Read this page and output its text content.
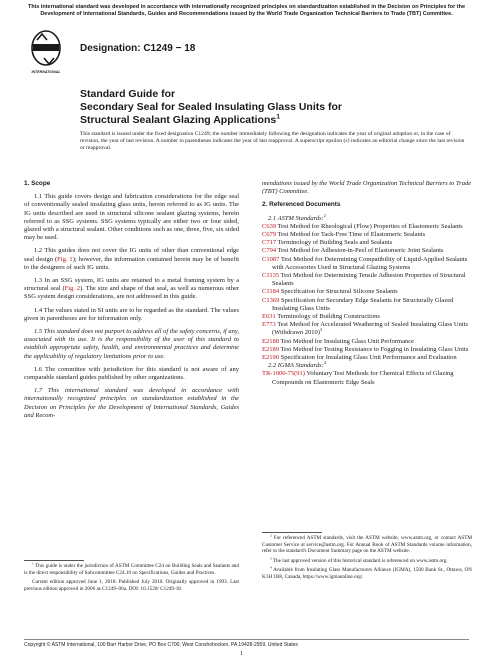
This international standard was developed in accordance with internationally recognized principles on standardization established in the Decision on Principles for the Development of International Standards, Guides and Recommendations issued by the World Trade Organization Technical Barriers to Trade (TBT) Committee.
INTERNATIONAL
Designation: C1249 − 18
Standard Guide for
Secondary Seal for Sealed Insulating Glass Units for
Structural Sealant Glazing Applications$^1$
This standard is issued under the fixed designation C1249; the number immediately following the designation indicates the year of original adoption or, in the case of revision, the year of last revision. A number in parentheses indicates the year of last reapproval. A superscript epsilon (ε) indicates an editorial change since the last revision or reapproval.
1. Scope

1.1 This guide covers design and fabrication considerations for the edge seal of conventionally sealed insulating glass units, herein referred to as IG units. The IG units described are used in structural silicone sealant glazing systems, herein referred to as SSG systems. SSG systems typically are either two or four sided, glazed with a structural sealant. Other conditions such as one, three, five, six sided may be used.

1.2 This guides does not cover the IG units of other than conventional edge seal design (Fig. 1); however, the information contained herein may be of benefit to the designers of such IG units.

1.3 In an SSG system, IG units are retained to a metal framing system by a structural seal (Fig. 2). The size and shape of that seal, as well as numerous other SSG system design considerations, are not addressed in this guide.

1.4 The values stated in SI units are to be regarded as the standard. The values given in parentheses are for information only.

1.5 This standard does not purport to address all of the safety concerns, if any, associated with its use. It is the responsibility of the user of this standard to establish appropriate safety, health, and environmental practices and determine the applicability of regulatory limitations prior to use.

1.6 The committee with jurisdiction for this standard is not aware of any comparable standard guides published by other organizations.

1.7 This international standard was developed in accordance with internationally recognized principles on standardization established in the Decision on Principles for the Development of International Standards, Guides and Recom-

mendations issued by the World Trade Organization Technical Barriers to Trade (TBT) Committee.

2. Referenced Documents

2.1 ASTM Standards:$^2$

C639 Test Method for Rheological (Flow) Properties of Elastomeric Sealants

C679 Test Method for Tack-Free Time of Elastomeric Sealants

C717 Terminology of Building Seals and Sealants

C794 Test Method for Adhesion-in-Peel of Elastomeric Joint Sealants

C1087 Test Method for Determining Compatibility of Liquid-Applied Sealants with Accessories Used in Structural Glazing Systems

C1135 Test Method for Determining Tensile Adhesion Properties of Structural Sealants

C1184 Specification for Structural Silicone Sealants

C1369 Specification for Secondary Edge Sealants for Structurally Glazed Insulating Glass Units

E631 Terminology of Building Constructions

E773 Test Method for Accelerated Weathering of Sealed Insulating Glass Units (Withdrawn 2010)$^3$

E2188 Test Method for Insulating Glass Unit Performance

E2189 Test Method for Testing Resistance to Fogging in Insulating Glass Units

E2190 Specification for Insulating Glass Unit Performance and Evaluation

2.2 IGMA Standards:$^4$

TR-1000-75(91) Voluntary Test Methods for Chemical Effects of Glazing Compounds on Elastomeric Edge Seals

$^1$ This guide is under the jurisdiction of ASTM Committee C24 on Building Seals and Sealants and is the direct responsibility of Subcommittee C24.10 on Specifications, Guides and Practices.

Current edition approved June 1, 2018. Published July 2010. Originally approved in 1993. Last previous edition approved in 2006 as C1249–06a. DOI: 10.1520/ C1249-18.

$^2$ For referenced ASTM standards, visit the ASTM website, www.astm.org, or contact ASTM Customer Service at service@astm.org. For Annual Book of ASTM Standards volume information, refer to the standard's Document Summary page on the ASTM website.

$^3$ The last approved version of this historical standard is referenced on www.astm.org.

$^4$ Available from Insulating Glass Manufacturers Alliance (IGMA), 1500 Bank St., Ottawa, ON K1H 1B8, Canada, https://www.igmaonline.org/.

Copyright © ASTM International, 100 Barr Harbor Drive, PO Box C700, West Conshohocken, PA 19428-2959. United States
1
